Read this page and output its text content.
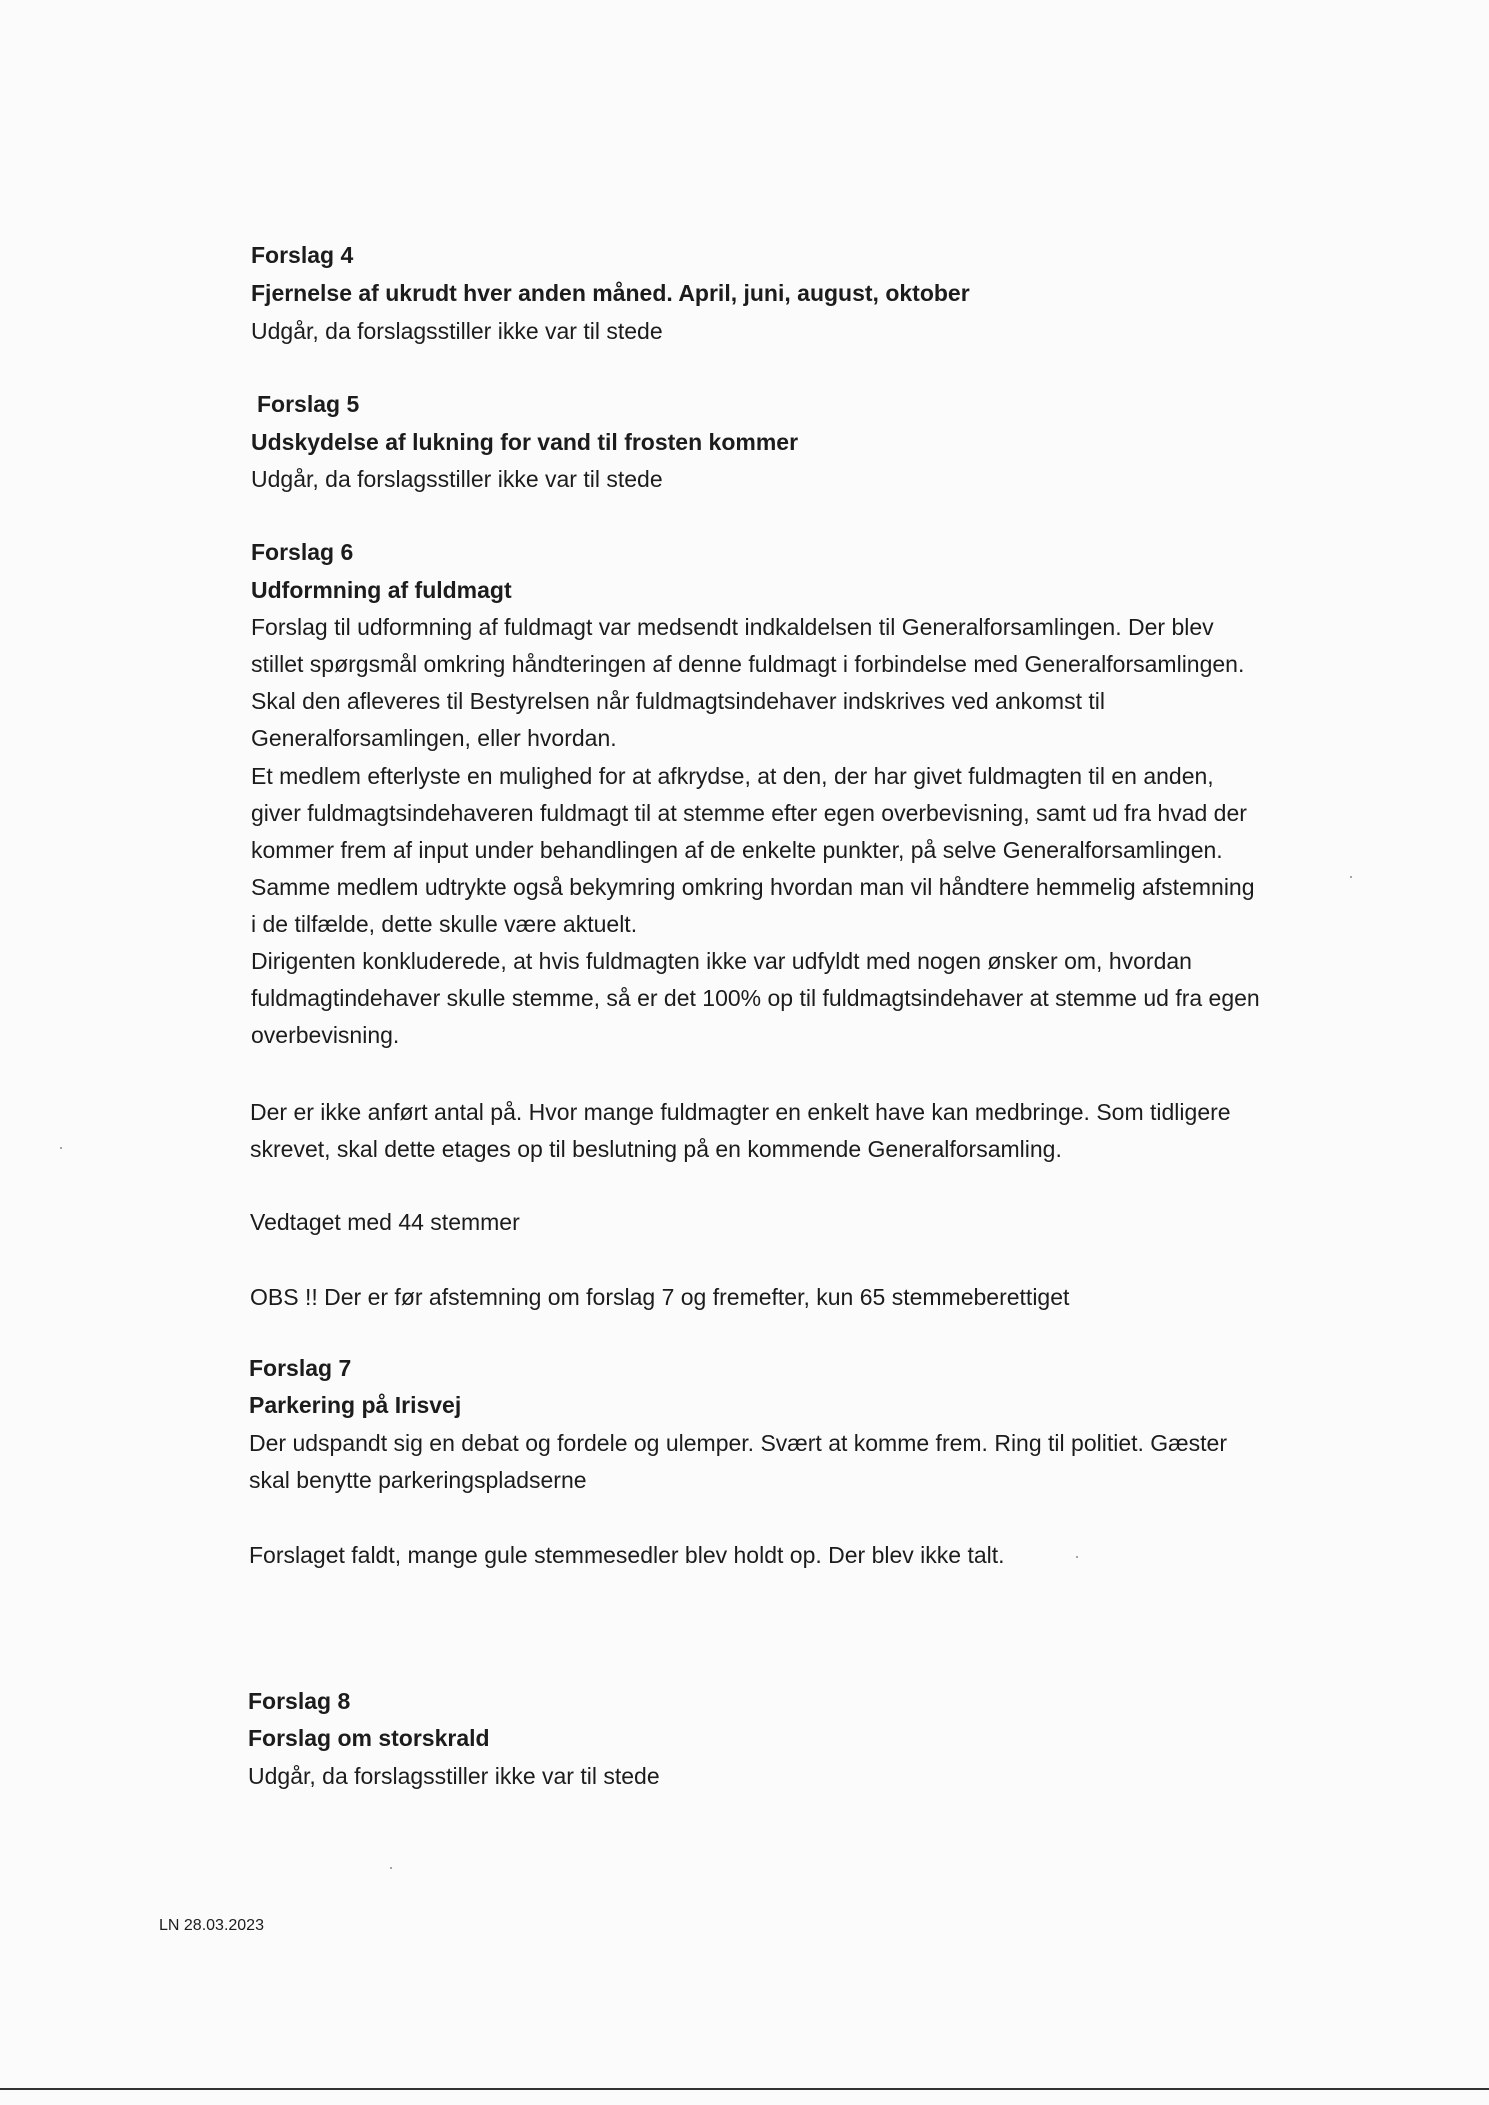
Forslag 4
Fjernelse af ukrudt hver anden måned. April, juni, august, oktober
Udgår, da forslagsstiller ikke var til stede
Forslag 5
Udskydelse af lukning for vand til frosten kommer
Udgår, da forslagsstiller ikke var til stede
Forslag 6
Udformning af fuldmagt
Forslag til udformning af fuldmagt var medsendt indkaldelsen til Generalforsamlingen. Der blev
stillet spørgsmål omkring håndteringen af denne fuldmagt i forbindelse med Generalforsamlingen.
Skal den afleveres til Bestyrelsen når fuldmagtsindehaver indskrives ved ankomst til
Generalforsamlingen, eller hvordan.
Et medlem efterlyste en mulighed for at afkrydse, at den, der har givet fuldmagten til en anden,
giver fuldmagtsindehaveren fuldmagt til at stemme efter egen overbevisning, samt ud fra hvad der
kommer frem af input under behandlingen af de enkelte punkter, på selve Generalforsamlingen.
Samme medlem udtrykte også bekymring omkring hvordan man vil håndtere hemmelig afstemning
i de tilfælde, dette skulle være aktuelt.
Dirigenten konkluderede, at hvis fuldmagten ikke var udfyldt med nogen ønsker om, hvordan
fuldmagtindehaver skulle stemme, så er det 100% op til fuldmagtsindehaver at stemme ud fra egen
overbevisning.
Der er ikke anført antal på. Hvor mange fuldmagter en enkelt have kan medbringe. Som tidligere
skrevet, skal dette etages op til beslutning på en kommende Generalforsamling.
Vedtaget med 44 stemmer
OBS !! Der er før afstemning om forslag 7 og fremefter, kun 65 stemmeberettiget
Forslag 7
Parkering på Irisvej
Der udspandt sig en debat og fordele og ulemper. Svært at komme frem. Ring til politiet. Gæster
skal benytte parkeringspladserne
Forslaget faldt, mange gule stemmesedler blev holdt op. Der blev ikke talt.
Forslag 8
Forslag om storskrald
Udgår, da forslagsstiller ikke var til stede
LN 28.03.2023
